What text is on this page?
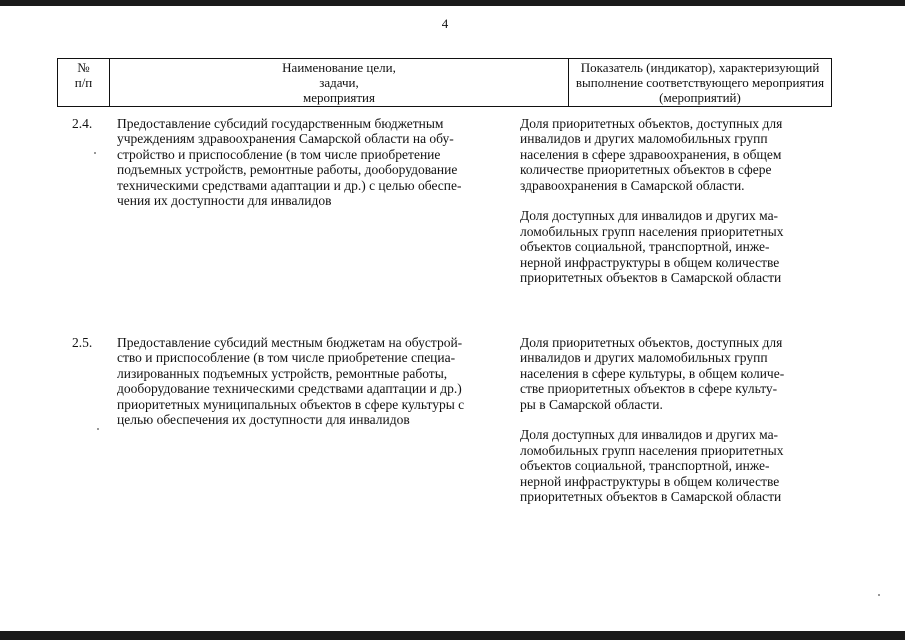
4
№
п/п
Наименование цели,
задачи,
мероприятия
Показатель (индикатор), характеризующий
выполнение соответствующего мероприятия
(мероприятий)
2.4. Предоставление субсидий государственным бюджетным
учреждениям здравоохранения Самарской области на обу-
стройство и приспособление (в том числе приобретение
подъемных устройств, ремонтные работы, дооборудование
техническими средствами адаптации и др.) с целью обеспе-
чения их доступности для инвалидов
Доля приоритетных объектов, доступных для
инвалидов и других маломобильных групп
населения в сфере здравоохранения, в общем
количестве приоритетных объектов в сфере
здравоохранения в Самарской области.
Доля доступных для инвалидов и других ма-
ломобильных групп населения приоритетных
объектов социальной, транспортной, инже-
нерной инфраструктуры в общем количестве
приоритетных объектов в Самарской области
2.5. Предоставление субсидий местным бюджетам на обустрой-
ство и приспособление (в том числе приобретение специа-
лизированных подъемных устройств, ремонтные работы,
дооборудование техническими средствами адаптации и др.)
приоритетных муниципальных объектов в сфере культуры с
целью обеспечения их доступности для инвалидов
Доля приоритетных объектов, доступных для
инвалидов и других маломобильных групп
населения в сфере культуры, в общем количе-
стве приоритетных объектов в сфере культу-
ры в Самарской области.
Доля доступных для инвалидов и других ма-
ломобильных групп населения приоритетных
объектов социальной, транспортной, инже-
нерной инфраструктуры в общем количестве
приоритетных объектов в Самарской области
